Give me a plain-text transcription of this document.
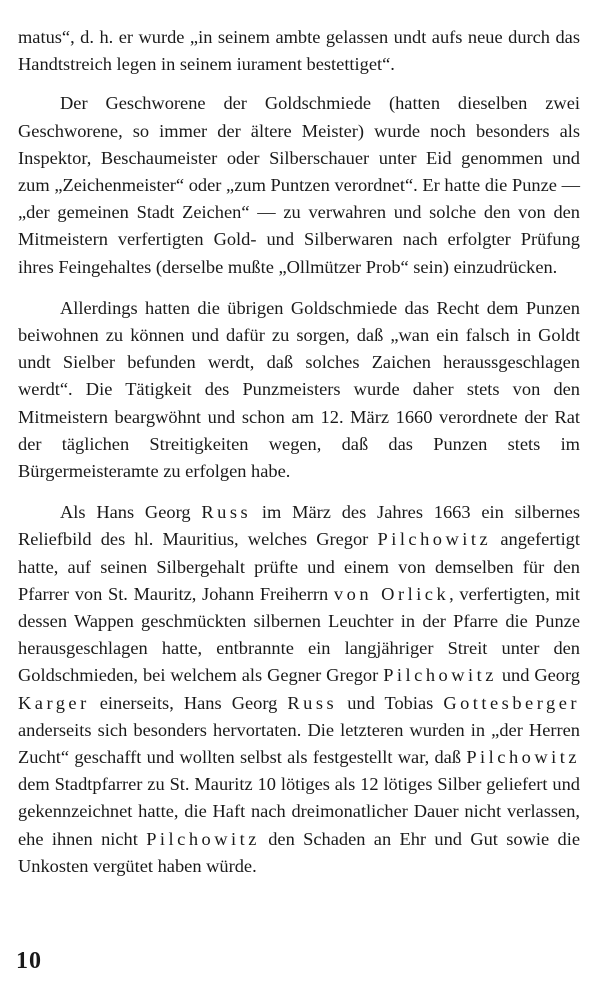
matus“, d. h. er wurde „in seinem ambte gelassen undt aufs neue durch das Handtstreich legen in seinem iurament bestettiget“.

Der Geschworene der Goldschmiede (hatten dieselben zwei Geschworene, so immer der ältere Meister) wurde noch besonders als Inspektor, Beschaumeister oder Silberschauer unter Eid genommen und zum „Zeichenmeister“ oder „zum Puntzen verordnet“. Er hatte die Punze — „der gemeinen Stadt Zeichen“ — zu verwahren und solche den von den Mitmeistern verfertigten Gold- und Silberwaren nach erfolgter Prüfung ihres Feingehaltes (derselbe mußte „Ollmützer Prob“ sein) einzudrücken.

Allerdings hatten die übrigen Goldschmiede das Recht dem Punzen beiwohnen zu können und dafür zu sorgen, daß „wan ein falsch in Goldt undt Sielber befunden werdt, daß solches Zaichen heraussgeschlagen werdt“. Die Tätigkeit des Punzmeisters wurde daher stets von den Mitmeistern beargwöhnt und schon am 12. März 1660 verordnete der Rat der täglichen Streitigkeiten wegen, daß das Punzen stets im Bürgermeisteramte zu erfolgen habe.

Als Hans Georg Russ im März des Jahres 1663 ein silbernes Reliefbild des hl. Mauritius, welches Gregor Pilchowitz angefertigt hatte, auf seinen Silbergehalt prüfte und einem von demselben für den Pfarrer von St. Mauritz, Johann Freiherrn von Orlick, verfertigten, mit dessen Wappen geschmückten silbernen Leuchter in der Pfarre die Punze herausgeschlagen hatte, entbrannte ein langjähriger Streit unter den Goldschmieden, bei welchem als Gegner Gregor Pilchowitz und Georg Karger einerseits, Hans Georg Russ und Tobias Gottesberger anderseits sich besonders hervortaten. Die letzteren wurden in „der Herren Zucht“ geschafft und wollten selbst als festgestellt war, daß Pilchowitz dem Stadtpfarrer zu St. Mauritz 10 lötiges als 12 lötiges Silber geliefert und gekennzeichnet hatte, die Haft nach dreimonatlicher Dauer nicht verlassen, ehe ihnen nicht Pilchowitz den Schaden an Ehr und Gut sowie die Unkosten vergütet haben würde.

10
